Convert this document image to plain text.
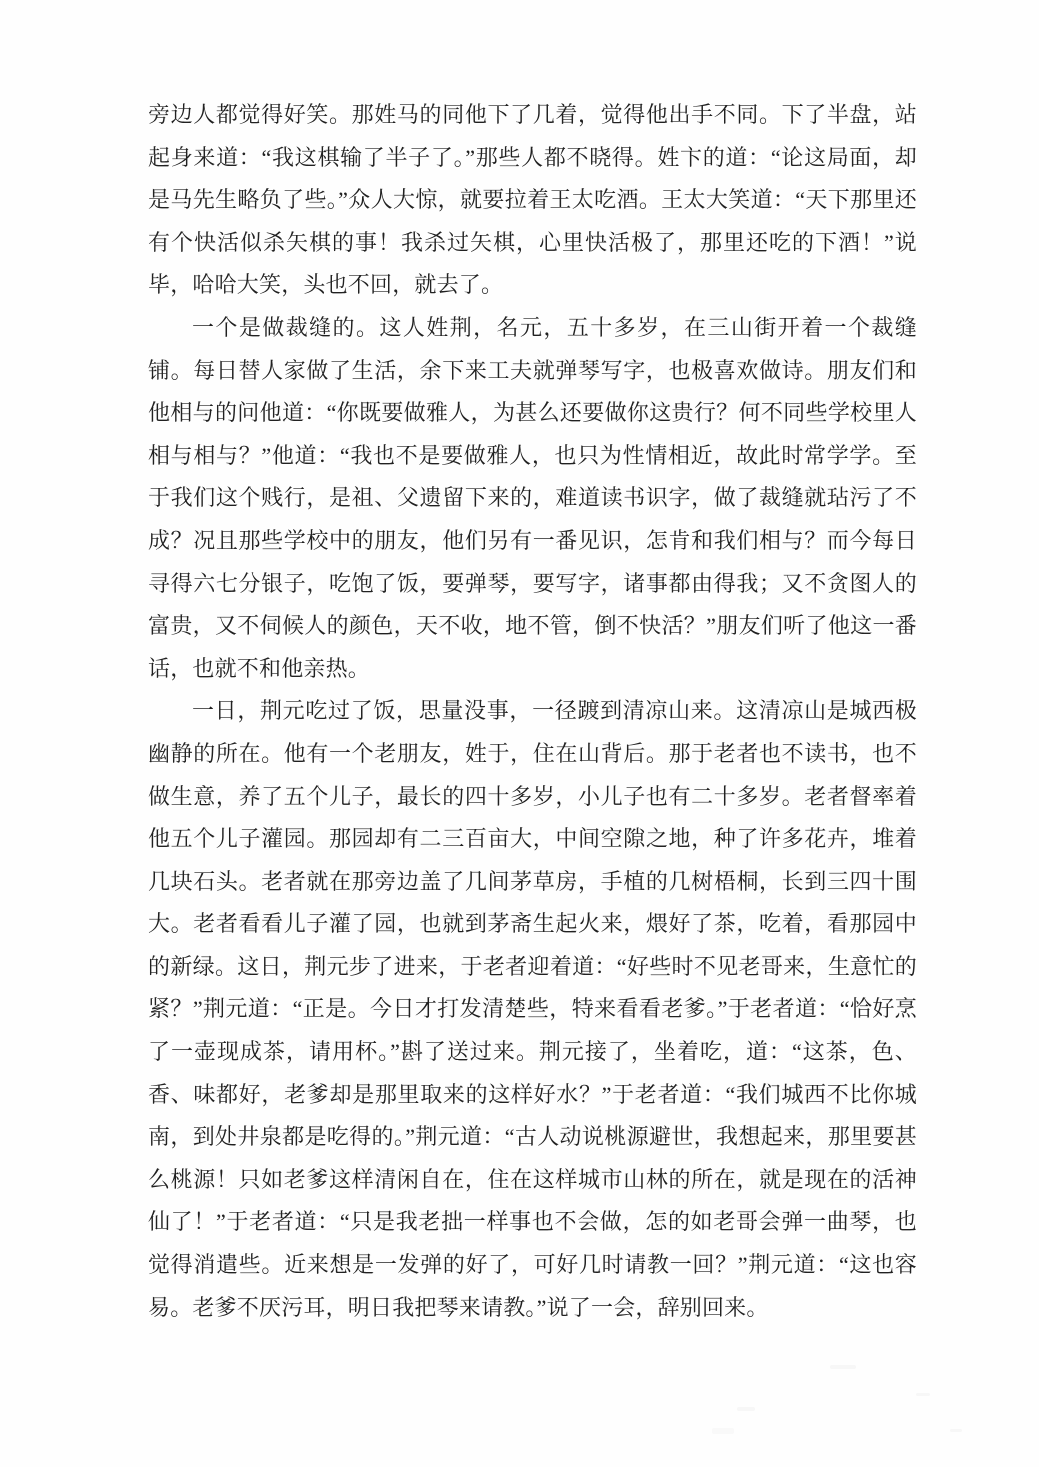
旁边人都觉得好笑。那姓马的同他下了几着，觉得他出手不同。下了半盘，站起身来道：“我这棋输了半子了。”那些人都不晓得。姓卞的道：“论这局面，却是马先生略负了些。”众人大惊，就要拉着王太吃酒。王太大笑道：“天下那里还有个快活似杀矢棋的事！我杀过矢棋，心里快活极了，那里还吃的下酒！”说毕，哈哈大笑，头也不回，就去了。

一个是做裁缝的。这人姓荆，名元，五十多岁，在三山街开着一个裁缝铺。每日替人家做了生活，余下来工夫就弹琴写字，也极喜欢做诗。朋友们和他相与的问他道：“你既要做雅人，为甚么还要做你这贵行？何不同些学校里人相与相与？”他道：“我也不是要做雅人，也只为性情相近，故此时常学学。至于我们这个贱行，是祖、父遗留下来的，难道读书识字，做了裁缝就玷污了不成？况且那些学校中的朋友，他们另有一番见识，怎肯和我们相与？而今每日寻得六七分银子，吃饱了饭，要弹琴，要写字，诸事都由得我；又不贪图人的富贵，又不伺候人的颜色，天不收，地不管，倒不快活？”朋友们听了他这一番话，也就不和他亲热。

一日，荆元吃过了饭，思量没事，一径踱到清凉山来。这清凉山是城西极幽静的所在。他有一个老朋友，姓于，住在山背后。那于老者也不读书，也不做生意，养了五个儿子，最长的四十多岁，小儿子也有二十多岁。老者督率着他五个儿子灌园。那园却有二三百亩大，中间空隙之地，种了许多花卉，堆着几块石头。老者就在那旁边盖了几间茅草房，手植的几树梧桐，长到三四十围大。老者看看儿子灌了园，也就到茅斋生起火来，煨好了茶，吃着，看那园中的新绿。这日，荆元步了进来，于老者迎着道：“好些时不见老哥来，生意忙的紧？”荆元道：“正是。今日才打发清楚些，特来看看老爹。”于老者道：“恰好烹了一壶现成茶，请用杯。”斟了送过来。荆元接了，坐着吃，道：“这茶，色、香、味都好，老爹却是那里取来的这样好水？”于老者道：“我们城西不比你城南，到处井泉都是吃得的。”荆元道：“古人动说桃源避世，我想起来，那里要甚么桃源！只如老爹这样清闲自在，住在这样城市山林的所在，就是现在的活神仙了！”于老者道：“只是我老拙一样事也不会做，怎的如老哥会弹一曲琴，也觉得消遣些。近来想是一发弹的好了，可好几时请教一回？”荆元道：“这也容易。老爹不厌污耳，明日我把琴来请教。”说了一会，辞别回来。
